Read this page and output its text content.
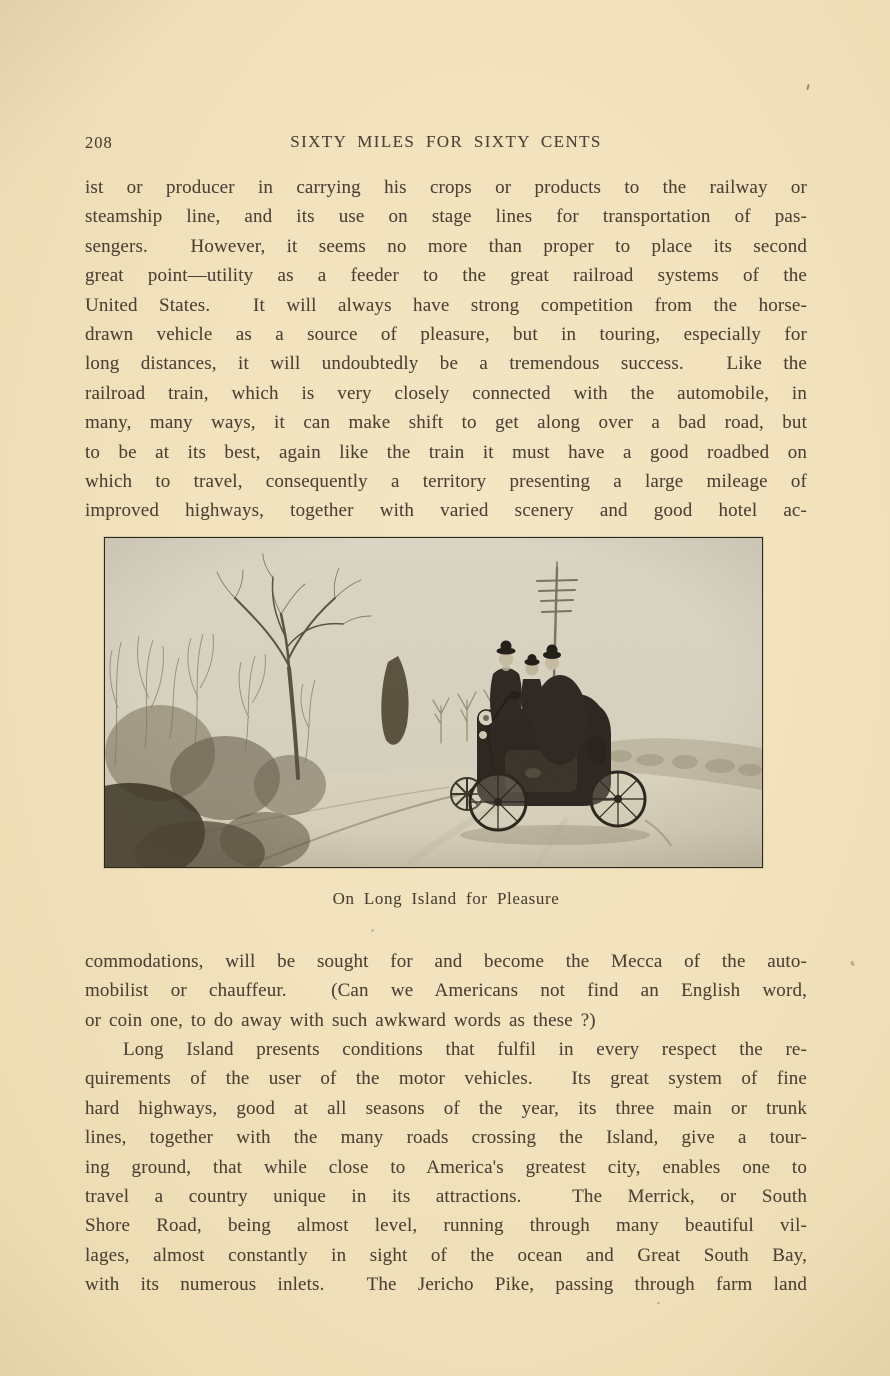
208	SIXTY MILES FOR SIXTY CENTS
ist or producer in carrying his crops or products to the railway or
steamship line, and its use on stage lines for transportation of pas-
sengers.  However, it seems no more than proper to place its second
great point—utility as a feeder to the great railroad systems of the
United States.  It will always have strong competition from the horse-
drawn vehicle as a source of pleasure, but in touring, especially for
long distances, it will undoubtedly be a tremendous success.  Like the
railroad train, which is very closely connected with the automobile, in
many, many ways, it can make shift to get along over a bad road, but
to be at its best, again like the train it must have a good roadbed on
which to travel, consequently a territory presenting a large mileage of
improved highways, together with varied scenery and good hotel ac-
On Long Island for Pleasure
commodations, will be sought for and become the Mecca of the auto-
mobilist or chauffeur.  (Can we Americans not find an English word,
or coin one, to do away with such awkward words as these ?)
Long Island presents conditions that fulfil in every respect the re-
quirements of the user of the motor vehicles.  Its great system of fine
hard highways, good at all seasons of the year, its three main or trunk
lines, together with the many roads crossing the Island, give a tour-
ing ground, that while close to America's greatest city, enables one to
travel a country unique in its attractions.  The Merrick, or South
Shore Road, being almost level, running through many beautiful vil-
lages, almost constantly in sight of the ocean and Great South Bay,
with its numerous inlets.  The Jericho Pike, passing through farm land
